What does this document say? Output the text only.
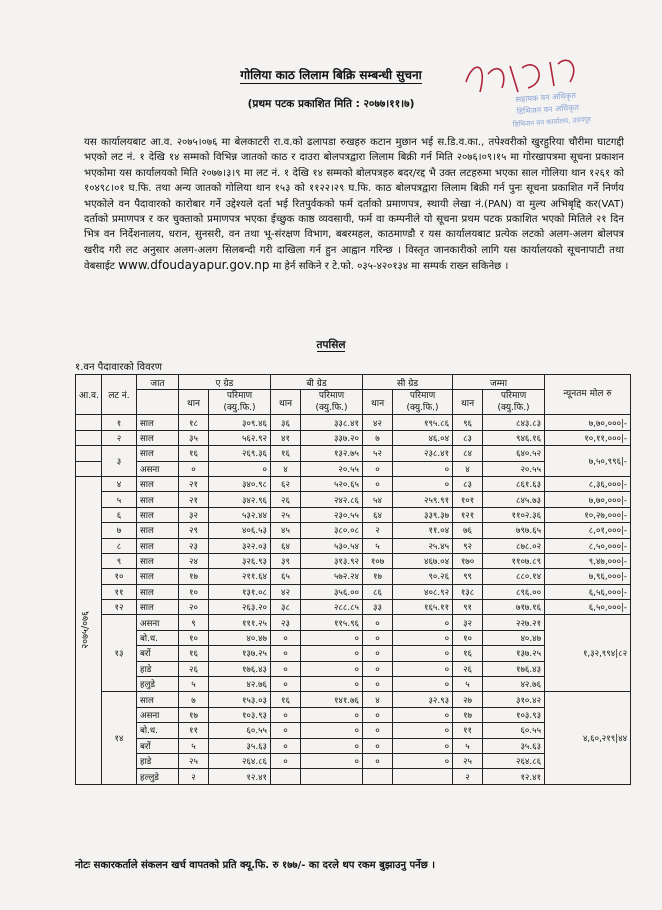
सहायक वन अधिकृत
डिभिजन वन अधिकृत
डिभिजन वन कार्यालय, उदयपुर
गोलिया काठ लिलाम बिक्रि सम्बन्धी सुचना
(प्रथम पटक प्रकाशित मिति : २०७७।११।७)
यस कार्यालयबाट आ.व. २०७५।०७६ मा बेलकाटरी रा.व.को ढलापडा रुखहरु कटान मुछान भई स.डि.व.का., तपेश्वरीको खुरहुरिया चौरीमा घाटगद्दी भएको लट नं. १ देखि १४ सम्मको विभिन्न जातको काठ र दाउरा बोलपत्रद्वारा लिलाम बिक्री गर्न मिति २०७६।०९।१५ मा गोरखापत्रमा सूचना प्रकाशन भएकोमा यस कार्यालयको मिति २०७७।३।९ मा लट नं. १ देखि १४ सम्मको बोलपत्रहरु बदर/रद्द भै उक्त लटहरुमा भएका साल गोलिया थान १२६१ को १०४९८।०१ घ.फि. तथा अन्य जातको गोलिया थान १५३ को ११२२।२९ घ.फि. काठ बोलपत्रद्वारा लिलाम बिक्री गर्न पुनः सूचना प्रकाशित गर्ने निर्णय भएकोले वन पैदावारको कारोबार गर्ने उद्देश्यले दर्ता भई रितपुर्वकको फर्म दर्ताको प्रमाणपत्र, स्थायी लेखा नं.(PAN) वा मुल्य अभिबृद्दि कर(VAT) दर्ताको प्रमाणपत्र र कर चुक्ताको प्रमाणपत्र भएका ईच्छुक काष्ठ व्यवसायी, फर्म वा कम्पनीले यो सूचना प्रथम पटक प्रकाशित भएको मितिले २१ दिन भित्र वन निर्देशनालय, धरान, सुनसरी, वन तथा भू-संरक्षण विभाग, बबरमहल, काठमाण्डौ र यस कार्यालयबाट प्रत्येक लटको अलग-अलग बोलपत्र खरीद गरी लट अनुसार अलग-अलग सिलबन्दी गरी दाखिला गर्न हुन आह्वान गरिन्छ । विस्तृत जानकारीको लागि यस कार्यालयको सूचनापाटी तथा वेबसाईट www.dfoudayapur.gov.np मा हेर्न सकिने र टे.फो. ०३५-४२०१३४ मा सम्पर्क राख्न सकिनेछ ।
तपसिल
१.वन पैदावारको विवरण
आ.व.	लट नं.	जात	ए ग्रेड		बी ग्रेड		सी ग्रेड		जम्मा		न्यूनतम मोल रु
			थान	परिमाण (क्यु.फि.)	थान	परिमाण (क्यु.फि.)	थान	परिमाण (क्यु.फि.)	थान	परिमाण (क्यु.फि.)	
	१	साल	१८	३०९.४६	३६	३३८.४१	४२	१९५.८६	९६	८४३.८३	७,७०,०००|-
	२	साल	३५	५६२.९२	४१	३३७.२०	७	४६.०४	८३	९४६.१६	१०,११,०००|-
	३	साल	१६	२६९.३६	१६	१३२.७५	५२	२३८.४१	८४	६४०.५२	७,५०,९९६|-
		असना	०	०	४	२०.५५	०	०	४	२०.५५	

२०७५/०७६	४	साल	२१	३४०.९८	६२	५२०.६५	०	०	८३	८६१.६३	८,३६,०००|-
	५	साल	२१	३४२.९६	२६	२४२.८६	५४	२५९.९१	१०१	८४५.७३	७,७०,०००|-
	६	साल	३२	५३२.४४	२५	२३०.५५	६४	३३९.३७	१२१	११०२.३६	१०,२७,०००|-
	७	साल	२९	४०६.५३	४५	३८०.०८	२	११.०४	७६	७९७.६५	८,०१,०००|-
	८	साल	२३	३२२.०३	६४	५३०.५४	५	२५.४५	९२	८७८.०२	८,५०,०००|-
	९	साल	२४	३२६.९३	३९	३१३.९२	१०७	४६७.०४	१७०	११०७.८९	९,४७,०००|-
	१०	साल	१७	२११.६४	६५	५७२.२४	१७	९०.२६	९९	८८०.१४	७,९६,०००|-
	११	साल	१०	१३१.०८	४२	३५६.००	८६	४०८.९२	१३८	८९६.००	६,५६,०००|-
	१२	साल	२०	२६३.२०	३८	२८८.८५	३३	१६५.११	९१	७१७.१६	६,५०,०००|-
	१३	असना	९	१११.२५	२३	११५.९६	०	०	३२	२२७.२१	१,३२,९९४|८२
		बो.ध.	१०	४०.४७	०	०	०	०	१०	४०.४७	
		बर्रो	१६	१३७.२५	०	०	०	०	१६	१३७.२५	
		हाडे	२६	१७६.४३	०	०	०	०	२६	१७६.४३	
		हलुडे	५	४२.७६	०	०	०	०	५	४२.७६	
	१४	साल	७	१५३.०३	१६	१४१.७६	४	३२.९३	२७	३१०.४२	४,६०,२१९|४४
		असना	१७	१०३.९३	०	०	०	०	१७	१०३.९३	
		बो.ध.	११	६०.५५	०	०	०	०	११	६०.५५	
		बर्रो	५	३५.६३	०	०	०	०	५	३५.६३	
		हाडे	२५	२६४.८६	०	०	०	०	२५	२६४.८६	
		हल्लुडे	२	१२.४१					२	१२.४१	
नोटः सकारकर्ताले संकलन खर्च वापतको प्रति क्यू.फि. रु १७७/- का दरले थप रकम बुझाउनु पर्नेछ ।
